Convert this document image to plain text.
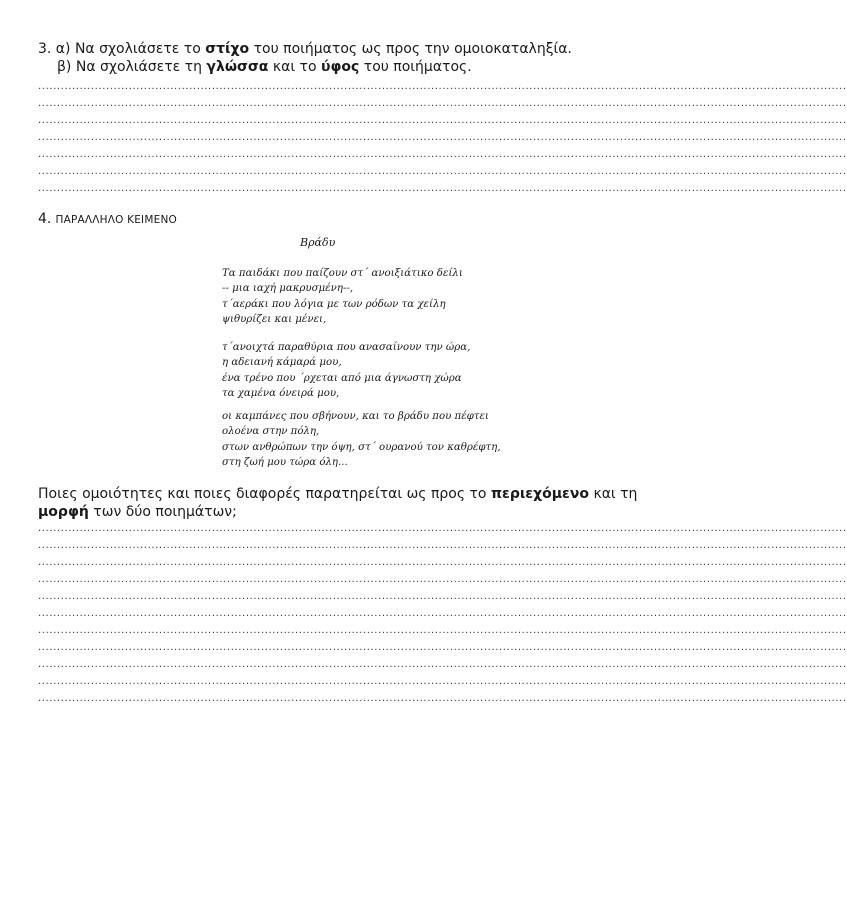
3. α) Να σχολιάσετε το στίχο του ποιήματος ως προς την ομοιοκαταληξία.
β) Να σχολιάσετε τη γλώσσα και το ύφος του ποιήματος.
......................................................................................................................................................................................................................
......................................................................................................................................................................................................................
......................................................................................................................................................................................................................
......................................................................................................................................................................................................................
......................................................................................................................................................................................................................
......................................................................................................................................................................................................................
......................................................................................................................................................................................................................
4. ΠΑΡΑΛΛΗΛΟ ΚΕΙΜΕΝΟ
Βράδυ
Τα παιδάκι που παίζουν στ΄ ανοιξιάτικο δείλι
-- μια ιαχή μακρυσμένη--,
τ΄αεράκι που λόγια με των ρόδων τα χείλη
ψιθυρίζει και μένει,
τ΄ανοιχτά παραθύρια που ανασαίνουν την ώρα,
η αδειανή κάμαρά μου,
ένα τρένο που ΄ρχεται από μια άγνωστη χώρα
τα χαμένα όνειρά μου,
οι καμπάνες που σβήνουν, και το βράδυ που πέφτει
ολοένα στην πόλη,
στων ανθρώπων την όψη, στ΄ ουρανού τον καθρέφτη,
στη ζωή μου τώρα όλη...
Ποιες ομοιότητες και ποιες διαφορές παρατηρείται ως προς το περιεχόμενο και τη
μορφή των δύο ποιημάτων;
......................................................................................................................................................................................................................
......................................................................................................................................................................................................................
......................................................................................................................................................................................................................
......................................................................................................................................................................................................................
......................................................................................................................................................................................................................
......................................................................................................................................................................................................................
......................................................................................................................................................................................................................
......................................................................................................................................................................................................................
......................................................................................................................................................................................................................
......................................................................................................................................................................................................................
......................................................................................................................................................................................................................
